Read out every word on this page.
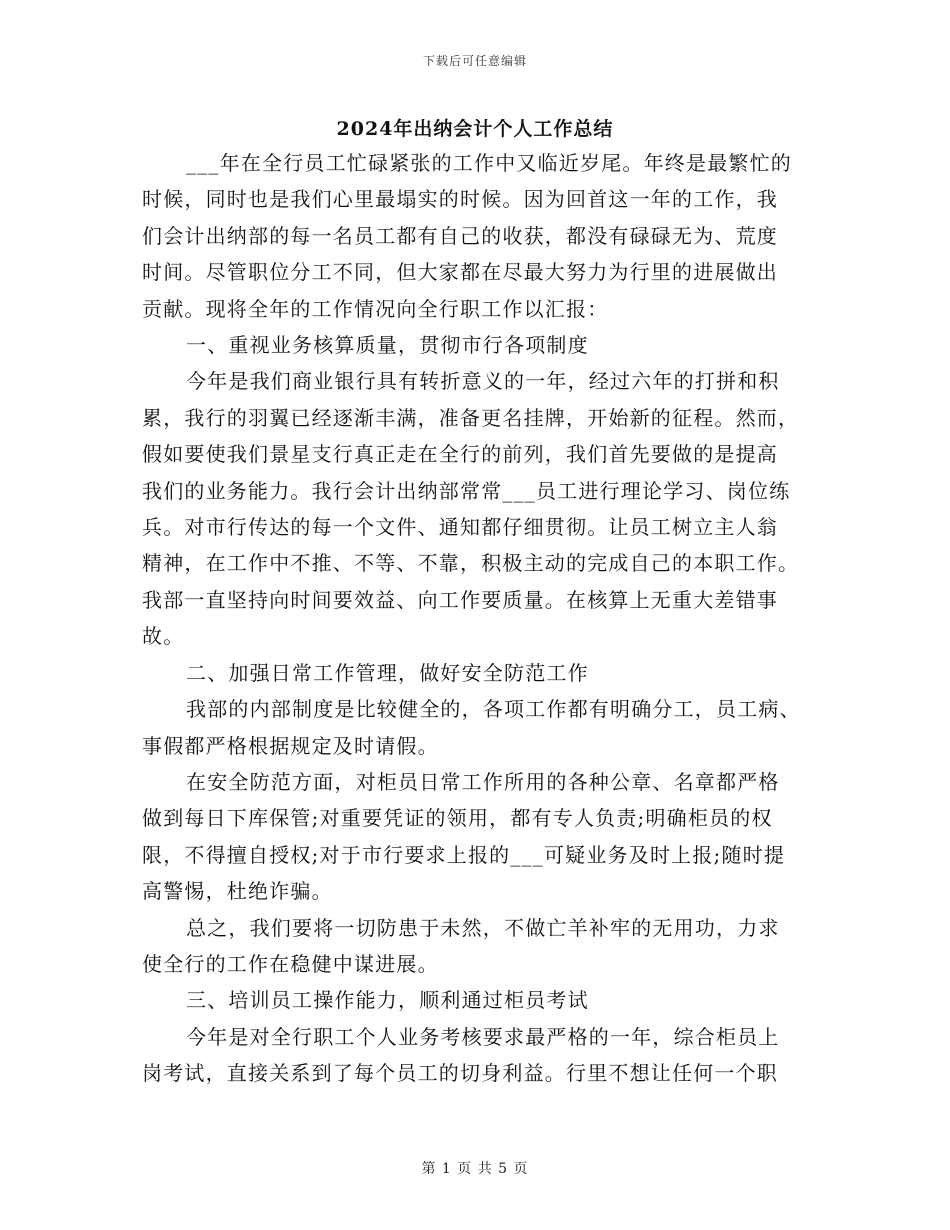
下载后可任意编辑
2024年出纳会计个人工作总结

___年在全行员工忙碌紧张的工作中又临近岁尾。年终是最繁忙的
时候，同时也是我们心里最塌实的时候。因为回首这一年的工作，我
们会计出纳部的每一名员工都有自己的收获，都没有碌碌无为、荒度
时间。尽管职位分工不同，但大家都在尽最大努力为行里的进展做出
贡献。现将全年的工作情况向全行职工作以汇报：

一、重视业务核算质量，贯彻市行各项制度

今年是我们商业银行具有转折意义的一年，经过六年的打拼和积
累，我行的羽翼已经逐渐丰满，准备更名挂牌，开始新的征程。然而，
假如要使我们景星支行真正走在全行的前列，我们首先要做的是提高
我们的业务能力。我行会计出纳部常常___员工进行理论学习、岗位练
兵。对市行传达的每一个文件、通知都仔细贯彻。让员工树立主人翁
精神，在工作中不推、不等、不靠，积极主动的完成自己的本职工作。
我部一直坚持向时间要效益、向工作要质量。在核算上无重大差错事
故。

二、加强日常工作管理，做好安全防范工作

我部的内部制度是比较健全的，各项工作都有明确分工，员工病、
事假都严格根据规定及时请假。

在安全防范方面，对柜员日常工作所用的各种公章、名章都严格
做到每日下库保管;对重要凭证的领用，都有专人负责;明确柜员的权
限，不得擅自授权;对于市行要求上报的___可疑业务及时上报;随时提
高警惕，杜绝诈骗。

总之，我们要将一切防患于未然，不做亡羊补牢的无用功，力求
使全行的工作在稳健中谋进展。

三、培训员工操作能力，顺利通过柜员考试

今年是对全行职工个人业务考核要求最严格的一年，综合柜员上
岗考试，直接关系到了每个员工的切身利益。行里不想让任何一个职

第 1 页 共 5 页
